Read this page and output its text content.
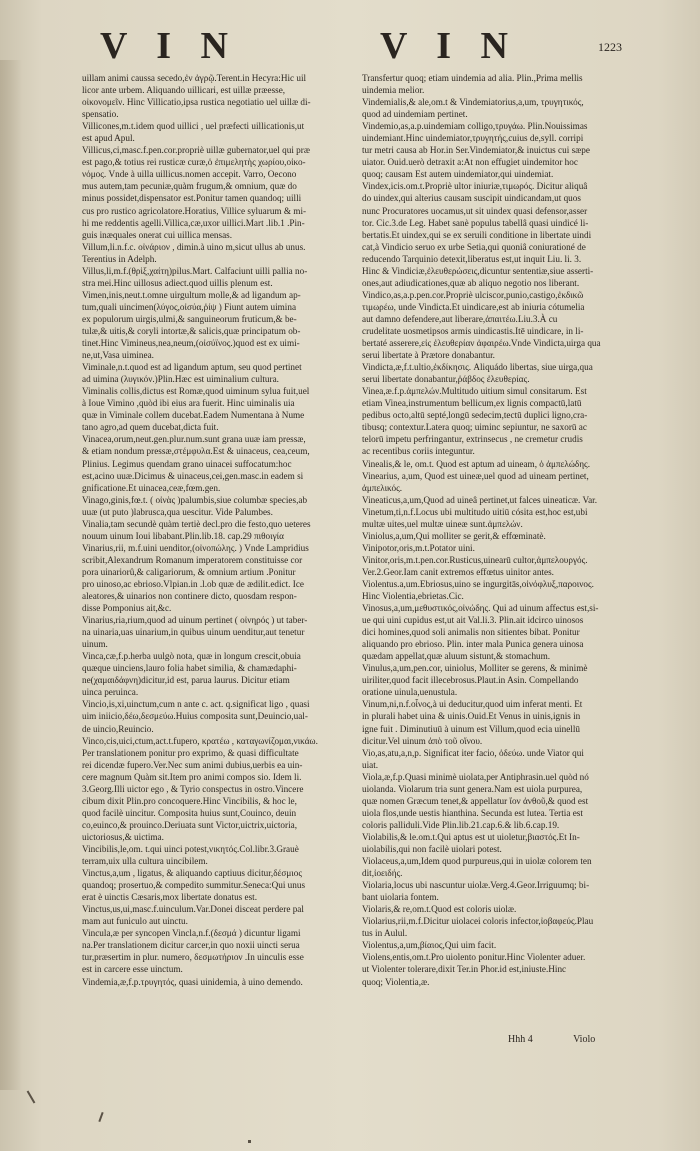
V I N	V I N	1223
uillam animi caussa secedo,ἐν ἀγρῷ.Terent.in Hecyra:Hic uil
licor ante urbem. Aliquando uillicari, est uillæ præesse,
οἰκονομεῖν. Hinc Villicatio,ipsa rustica negotiatio uel uillæ di-
spensatio.
Villicones,m.t.idem quod uillici , uel præfecti uillicationis,ut
est apud Apul.
Villicus,ci,masc.f.pen.cor.propriè uillæ gubernator,uel qui præ
est pago,& totius rei rusticæ curæ,ὁ ἐπιμελητὴς χωρίου,οἰκο-
νόμος. Vnde à uilla uillicus.nomen accepit. Varro, Oecono
mus autem,tam pecuniæ,quàm frugum,& omnium, quæ do
minus possidet,dispensator est.Ponitur tamen quandoq; uilli
cus pro rustico agricolatore.Horatius, Villice syluarum & mi-
hi me reddentis agelli.Villica,cæ,uxor uillici.Mart .lib.1 .Pin-
guis inæquales onerat cui uillica mensas.
Villum,li.n.f.c. οἰνάριον , dimin.à uino m,sicut ullus ab unus.
Terentius in Adelph.
Villus,li,m.f.(θρὶξ,χαίτη)pilus.Mart. Calfaciunt uilli pallia no-
stra mei.Hinc uillosus adiect.quod uillis plenum est.
Vimen,inis,neut.t.omne uirgultum molle,& ad ligandum ap-
tum,quali uincimen(λύγος,οἰσύα,ῥίψ ) Fiunt autem uimina
ex populorum uirgis,ulmi,& sanguineorum fruticum,& be-
tulæ,& uitis,& coryli intortæ,& salicis,quæ principatum ob-
tinet.Hinc Vimineus,nea,neum,(οἰσύϊνος.)quod est ex uimi-
ne,ut,Vasa uiminea.
Viminale,n.t.quod est ad ligandum aptum, seu quod pertinet
ad uimina (λυγικόν.)Plin.Hæc est uiminalium cultura.
Viminalis collis,dictus est Romæ,quod uiminum sylua fuit,uel
à Ioue Vimino ,quòd ibi eius ara fuerit. Hinc uiminalis uia
quæ in Viminale collem ducebat.Eadem Numentana à Nume
tano agro,ad quem ducebat,dicta fuit.
Vinacea,orum,neut.gen.plur.num.sunt grana uuæ iam pressæ,
& etiam nondum pressæ,στέμφυλα.Est & uinaceus, cea,ceum,
Plinius. Legimus quendam grano uinacei suffocatum:hoc
est,acino uuæ.Dicimus & uinaceus,cei,gen.masc.in eadem si
gnificatione.Et uinacea,ceæ,fœm.gen.
Vinago,ginis,fœ.t. ( οἰνὰς )palumbis,siue columbæ species,ab
uuæ (ut puto )labrusca,qua uescitur. Vide Palumbes.
Vinalia,tam secundè quàm tertiè decl.pro die festo,quo ueteres
nouum uinum Ioui libabant.Plin.lib.18. cap.29 πιθοιγία
Vinarius,rii, m.f.uini uenditor,(οἰνοπώλης. ) Vnde Lampridius
scribit,Alexandrum Romanum imperatorem constituisse cor
pora uinariorû,& caligariorum, & omnium artium .Ponitur
pro uinoso,ac ebrioso.Vlpian.in .l.ob quæ de ædilit.edict. Ice
aleatores,& uinarios non continere dicto, quosdam respon-
disse Pomponius ait,&c.
Vinarius,ria,rium,quod ad uinum pertinet ( οἰνηρός ) ut taber-
na uinaria,uas uinarium,in quibus uinum uenditur,aut tenetur
uinum.
Vinca,cæ,f.p.herba uulgò nota, quæ in longum crescit,obuia
quæque uinciens,lauro folia habet similia, & chamædaphi-
ne(χαμαιδάφνη)dicitur,id est, parua laurus. Dicitur etiam
uinca peruinca.
Vincio,is,xi,uinctum,cum n ante c. act. q.significat ligo , quasi
uim iniicio,δέω,δεσμεύω.Huius composita sunt,Deuincio,ual-
de uincio,Reuincio.
Vinco,cis,uici,ctum,act.t.fupero, κρατέω , καταγωνίζομαι,νικάω.
Per translationem ponitur pro exprimo, & quasi difficultate
rei dicendæ fupero.Ver.Nec sum animi dubius,uerbis ea uin-
cere magnum Quàm sit.Item pro animi compos sio. Idem li.
3.Georg.Illi uictor ego , & Tyrio conspectus in ostro.Vincere
cibum dixit Plin.pro concoquere.Hinc Vincibilis, & hoc le,
quod facilè uincitur. Composita huius sunt,Couinco, deuin
co,euinco,& prouinco.Deriuata sunt Victor,uictrix,uictoria,
uictoriosus,& uictima.
Vincibilis,le,om. t.qui uinci potest,νικητός.Col.libr.3.Grauè
terram,uix ulla cultura uincibilem.
Vinctus,a,um , ligatus, & aliquando captiuus dicitur,δέσμιος
quandoq; prosertuo,& compedito summitur.Seneca:Qui unus
erat è uinctis Cæsaris,mox libertate donatus est.
Vinctus,us,ui,masc.f.uinculum.Var.Donei disceat perdere pal
mam aut funiculo aut uinctu.
Vincula,æ per syncopen Vincla,n.f.(δεσμά ) dicuntur ligami
na.Per translationem dicitur carcer,in quo noxii uincti serua
tur,præsertim in plur. numero, δεσμωτήριον .In uinculis esse
est in carcere esse uinctum.
Vindemia,æ,f.p.τρυγητός, quasi uinidemia, à uino demendo.
Transfertur quoq; etiam uindemia ad alia. Plin.,Prima mellis
uindemia melior.
Vindemialis,& ale,om.t & Vindemiatorius,a,um, τρυγητικός,
quod ad uindemiam pertinet.
Vindemio,as,a.p.uindemiam colligo,τρυγάω. Plin.Nouissimas
uindemiant.Hinc uindemiator,τρυγητής,cuius de,syll. corripi
tur metri causa ab Hor.in Ser.Vindemiator,& inuictus cui sæpe
uiator. Ouid.uerò detraxit a:At non effugiet uindemitor hoc
quoq; causam Est autem uindemiator,qui uindemiat.
Vindex,icis.om.t.Propriè ultor iniuriæ,τιμωρός. Dicitur aliquâ
do uindex,qui alterius causam suscipit uindicandam,ut quos
nunc Procuratores uocamus,ut sit uindex quasi defensor,asser
tor. Cic.3.de Leg. Habet sanè populus tabellâ quasi uindicé li-
bertatis.Et uindex,qui se ex seruili conditione in libertate uindi
cat,à Vindicio seruo ex urbe Setia,qui quoniâ coniurationé de
reducendo Tarquinio detexit,liberatus est,ut inquit Liu. li. 3.
Hinc & Vindiciæ,ἐλευθερώσεις,dicuntur sententiæ,siue asserti-
ones,aut adiudicationes,quæ ab aliquo negotio nos liberant.
Vindico,as,a.p.pen.cor.Propriè ulciscor,punio,castigo,ἐκδικῶ
τιμωρέω, unde Vindicta.Et uindicare,est ab iniuria cótumelia
aut damno defendere,aut liberare,ἀπαιτέω.Liu.3.À cu
crudelitate uosmetipsos armis uindicastis.Itē uindicare, in li-
bertaté asserere,εἰς ἐλευθερίαν ἀφαιρέω.Vnde Vindicta,uirga qua
serui libertate à Prætore donabantur.
Vindicta,æ,f.t.ultio,ἐκδίκησις. Aliquádo libertas, siue uirga,qua
serui libertate donabantur,ῥάβδος ἐλευθερίας.
Vinea,æ.f.p.ἀμπελών.Multitudo uitium simul consitarum. Est
etiam Vinea,instrumentum bellicum,ex lignis compactū,latū
pedibus octo,altū septé,longū sedecim,tectū duplici ligno,cra-
tibusq; contextur.Latera quoq; uiminc sepiuntur, ne saxorū ac
telorū impetu perfringantur, extrinsecus , ne cremetur crudis
ac recentibus coriis integuntur.
Vinealis,& le, om.t. Quod est aptum ad uineam, ὁ ἀμπελώδης.
Vinearius, a,um, Quod est uineæ,uel quod ad uineam pertinet,
ἀμπελικός.
Vineaticus,a,um,Quod ad uineâ pertinet,ut falces uineaticæ. Var.
Vinetum,ti,n.f.Locus ubi multitudo uitiū cósita est,hoc est,ubi
multæ uites,uel multæ uineæ sunt.ἀμπελών.
Viniolus,a,um,Qui molliter se gerit,& effœminatè.
Vinipotor,oris,m.t.Potator uini.
Vinitor,oris,m.t.pen.cor.Rusticus,uinearū cultor,ἀμπελουργός.
Ver.2.Geor.Iam canit extremos effœtus uinitor antes.
Violentus.a,um.Ebriosus,uino se ingurgitās,οἰνόφλυξ,παροινος.
Hinc Violentia,ebrietas.Cic.
Vinosus,a,um,μεθυστικός,οἰνώδης. Qui ad uinum affectus est,si-
ue qui uini cupidus est,ut ait Val.li.3. Plin.ait idcirco uinosos
dici homines,quod soli animalis non sitientes bibat. Ponitur
aliquando pro ebrioso. Plin. inter mala Punica genera uinosa
quædam appellat,quæ aluum sistunt,& stomachum.
Vinulus,a,um,pen.cor, uiniolus, Molliter se gerens, & minimè
uiriliter,quod facit illecebrosus.Plaut.in Asin. Compellando
oratione uinula,uenustula.
Vinum,ni,n.f.οἶνος,à ui deducitur,quod uim inferat menti. Et
in plurali habet uina & uinis.Ouid.Et Venus in uinis,ignis in
igne fuit . Diminutiuū à uinum est Villum,quod ecia uinellū
dicitur.Vel uinum ἀπὸ τοῦ οἴνου.
Vio,as,atu,a,n,p. Significat iter facio, ὁδεύω. unde Viator qui
uiat.
Viola,æ,f.p.Quasi minimè uiolata,per Antiphrasin.uel quòd nó
uiolanda. Violarum tria sunt genera.Nam est uiola purpurea,
quæ nomen Græcum tenet,& appellatur ἴον ἀνθοῦ,& quod est
uiola flos,unde uestis hianthina. Secunda est lutea. Tertia est
coloris palliduli.Vide Plin.lib.21.cap.6.& lib.6.cap.19.
Violabilis,& le.om.t.Qui aptus est ut uioletur,βιαστός.Et In-
uiolabilis,qui non facilè uiolari potest.
Violaceus,a,um,Idem quod purpureus,qui in uiolæ colorem ten
dit,ἰοειδής.
Violaria,locus ubi nascuntur uiolæ.Verg.4.Geor.Irriguumq; bi-
bant uiolaria fontem.
Violaris,& re,om.t.Quod est coloris uiolæ.
Violarius,rii,m.f.Dicitur uiolacei coloris infector,ἰοβαφεύς.Plau
tus in Aulul.
Violentus,a,um,βίαιος,Qui uim facit.
Violens,entis,om.t.Pro uiolento ponitur.Hinc Violenter aduer.
ut Violenter tolerare,dixit Ter.in Phor.id est,iniuste.Hinc
quoq; Violentia,æ.
Hhh 4	Violo
